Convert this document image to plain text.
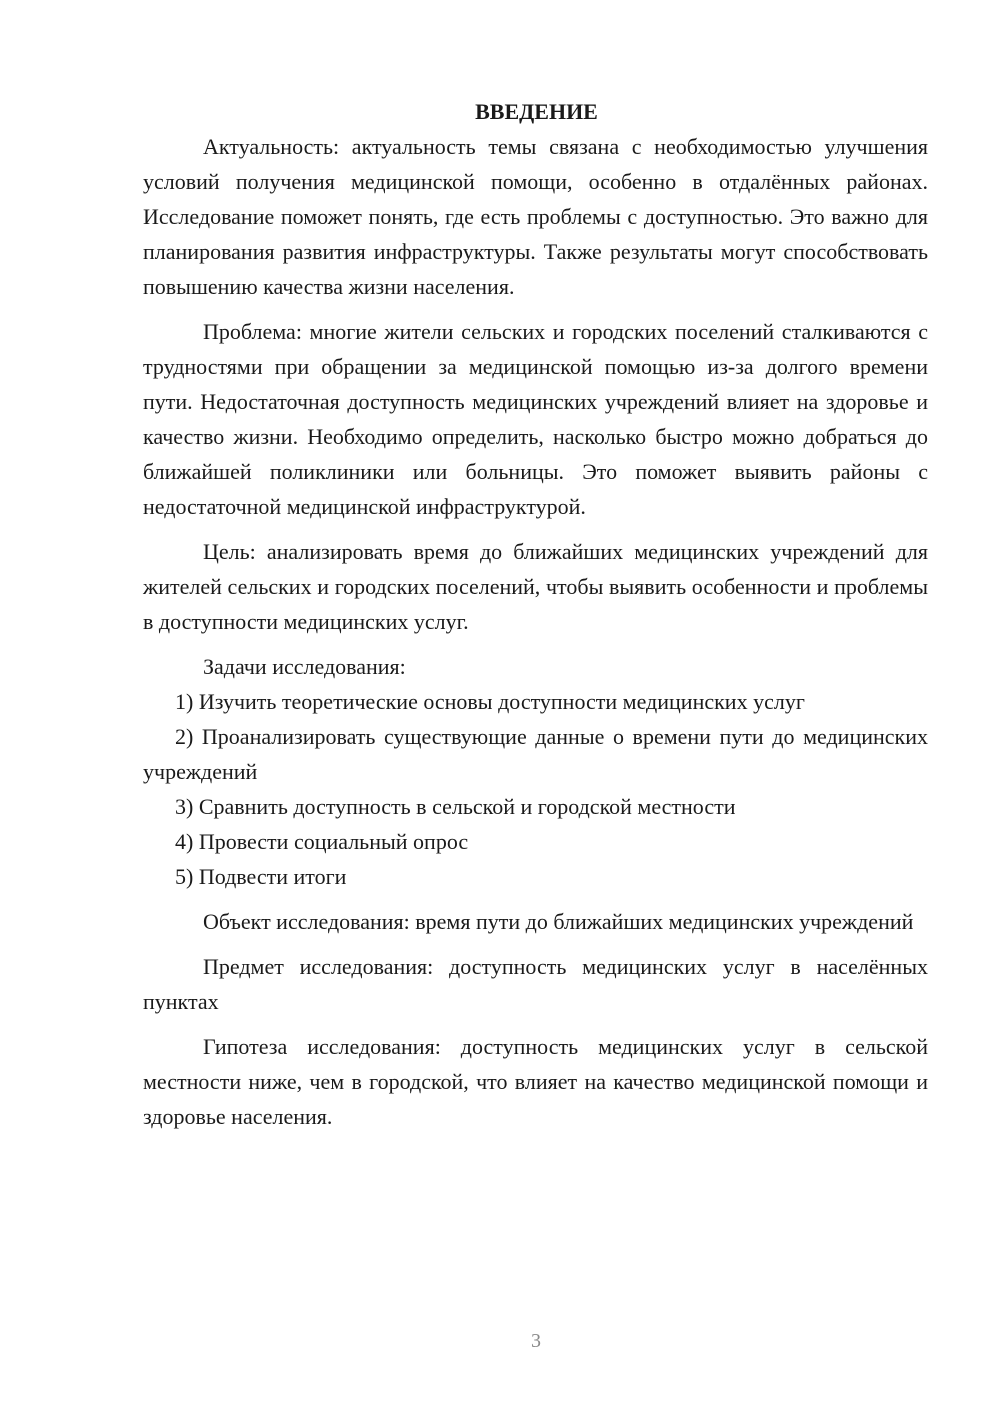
ВВЕДЕНИЕ

Актуальность: актуальность темы связана с необходимостью улучшения условий получения медицинской помощи, особенно в отдалённых районах. Исследование поможет понять, где есть проблемы с доступностью. Это важно для планирования развития инфраструктуры. Также результаты могут способствовать повышению качества жизни населения.

Проблема: многие жители сельских и городских поселений сталкиваются с трудностями при обращении за медицинской помощью из-за долгого времени пути. Недостаточная доступность медицинских учреждений влияет на здоровье и качество жизни. Необходимо определить, насколько быстро можно добраться до ближайшей поликлиники или больницы. Это поможет выявить районы с недостаточной медицинской инфраструктурой.

Цель: анализировать время до ближайших медицинских учреждений для жителей сельских и городских поселений, чтобы выявить особенности и проблемы в доступности медицинских услуг.

Задачи исследования:

1) Изучить теоретические основы доступности медицинских услуг

2) Проанализировать существующие данные о времени пути до медицинских учреждений

3) Сравнить доступность в сельской и городской местности

4) Провести социальный опрос

5) Подвести итоги

Объект исследования: время пути до ближайших медицинских учреждений

Предмет исследования: доступность медицинских услуг в населённых пунктах

Гипотеза исследования: доступность медицинских услуг в сельской местности ниже, чем в городской, что влияет на качество медицинской помощи и здоровье населения.

3
